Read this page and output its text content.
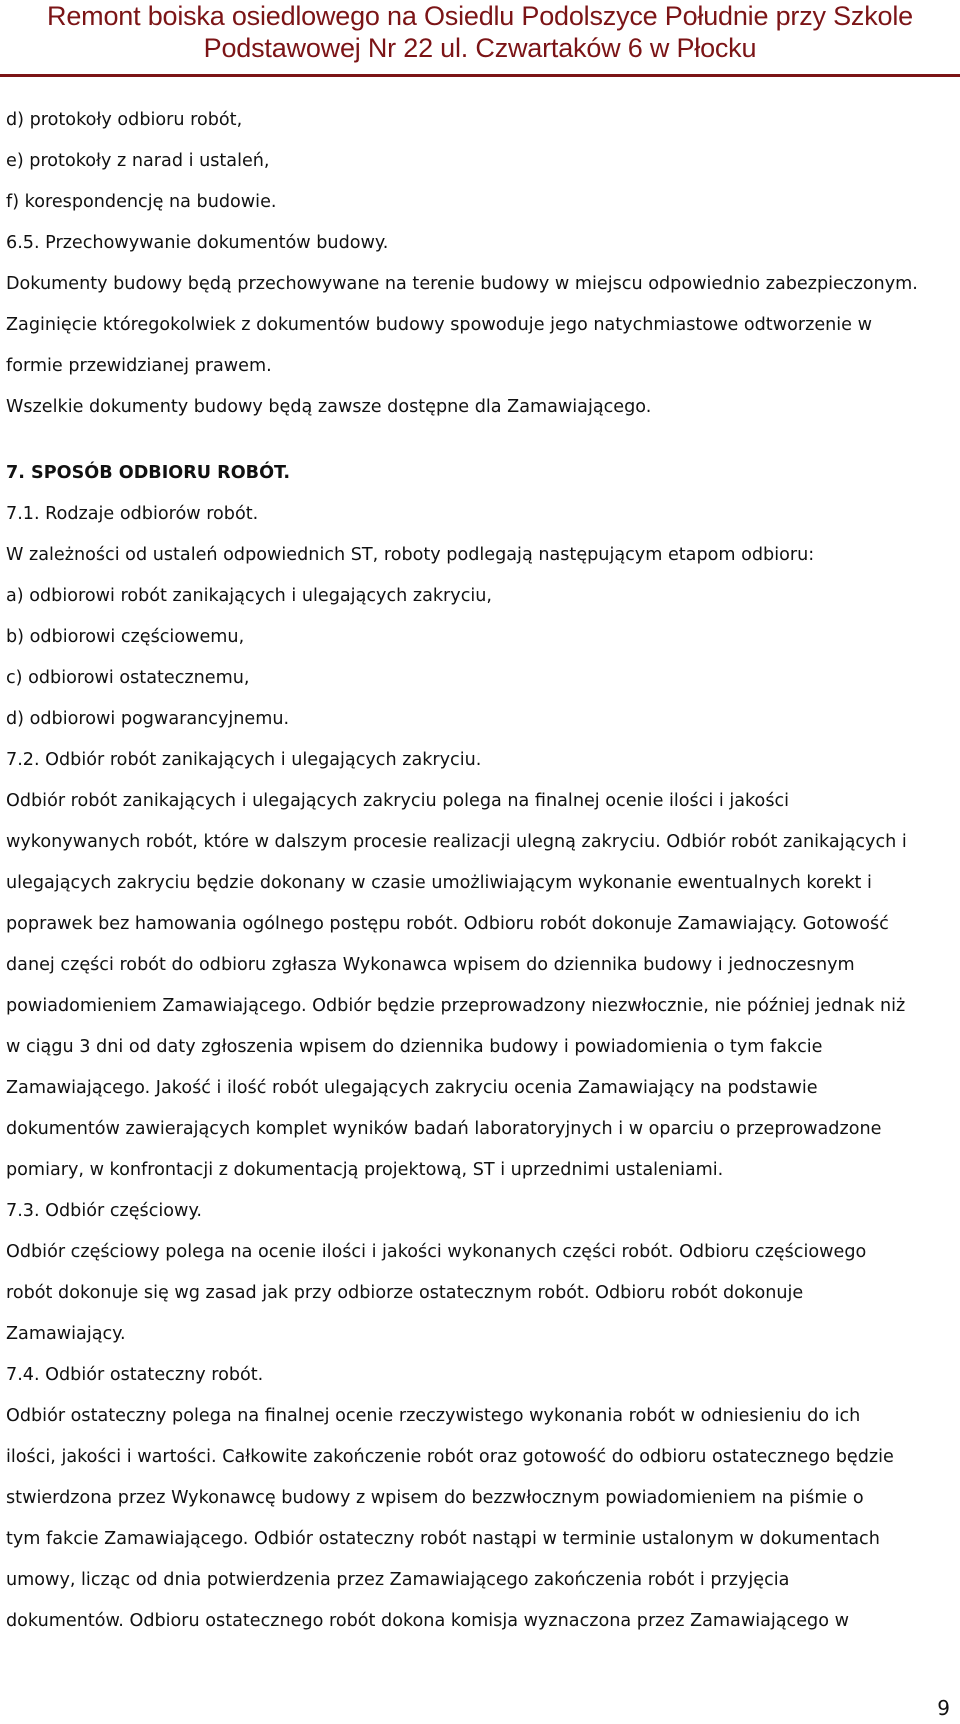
Remont boiska osiedlowego na Osiedlu Podolszyce Południe przy Szkole
Podstawowej Nr 22 ul. Czwartaków 6 w Płocku
d) protokoły odbioru robót,
e) protokoły z narad i ustaleń,
f) korespondencję na budowie.
6.5. Przechowywanie dokumentów budowy.
Dokumenty budowy będą przechowywane na terenie budowy w miejscu odpowiednio zabezpieczonym.
Zaginięcie któregokolwiek z dokumentów budowy spowoduje jego natychmiastowe odtworzenie w
formie przewidzianej prawem.
Wszelkie dokumenty budowy będą zawsze dostępne dla Zamawiającego.
7. SPOSÓB ODBIORU ROBÓT.
7.1. Rodzaje odbiorów robót.
W zależności od ustaleń odpowiednich ST, roboty podlegają następującym etapom odbioru:
a) odbiorowi robót zanikających i ulegających zakryciu,
b) odbiorowi częściowemu,
c) odbiorowi ostatecznemu,
d) odbiorowi pogwarancyjnemu.
7.2. Odbiór robót zanikających i ulegających zakryciu.
Odbiór robót zanikających i ulegających zakryciu polega na finalnej ocenie ilości i jakości
wykonywanych robót, które w dalszym procesie realizacji ulegną zakryciu. Odbiór robót zanikających i
ulegających zakryciu będzie dokonany w czasie umożliwiającym wykonanie ewentualnych korekt i
poprawek bez hamowania ogólnego postępu robót. Odbioru robót dokonuje Zamawiający. Gotowość
danej części robót do odbioru zgłasza Wykonawca wpisem do dziennika budowy i jednoczesnym
powiadomieniem Zamawiającego. Odbiór będzie przeprowadzony niezwłocznie, nie później jednak niż
w ciągu 3 dni od daty zgłoszenia wpisem do dziennika budowy i powiadomienia o tym fakcie
Zamawiającego. Jakość i ilość robót ulegających zakryciu ocenia Zamawiający na podstawie
dokumentów zawierających komplet wyników badań laboratoryjnych i w oparciu o przeprowadzone
pomiary, w konfrontacji z dokumentacją projektową, ST i uprzednimi ustaleniami.
7.3. Odbiór częściowy.
Odbiór częściowy polega na ocenie ilości i jakości wykonanych części robót. Odbioru częściowego
robót dokonuje się wg zasad jak przy odbiorze ostatecznym robót. Odbioru robót dokonuje
Zamawiający.
7.4. Odbiór ostateczny robót.
Odbiór ostateczny polega na finalnej ocenie rzeczywistego wykonania robót w odniesieniu do ich
ilości, jakości i wartości. Całkowite zakończenie robót oraz gotowość do odbioru ostatecznego będzie
stwierdzona przez Wykonawcę budowy z wpisem do bezzwłocznym powiadomieniem na piśmie o
tym fakcie Zamawiającego. Odbiór ostateczny robót nastąpi w terminie ustalonym w dokumentach
umowy, licząc od dnia potwierdzenia przez Zamawiającego zakończenia robót i przyjęcia
dokumentów. Odbioru ostatecznego robót dokona komisja wyznaczona przez Zamawiającego w
9
